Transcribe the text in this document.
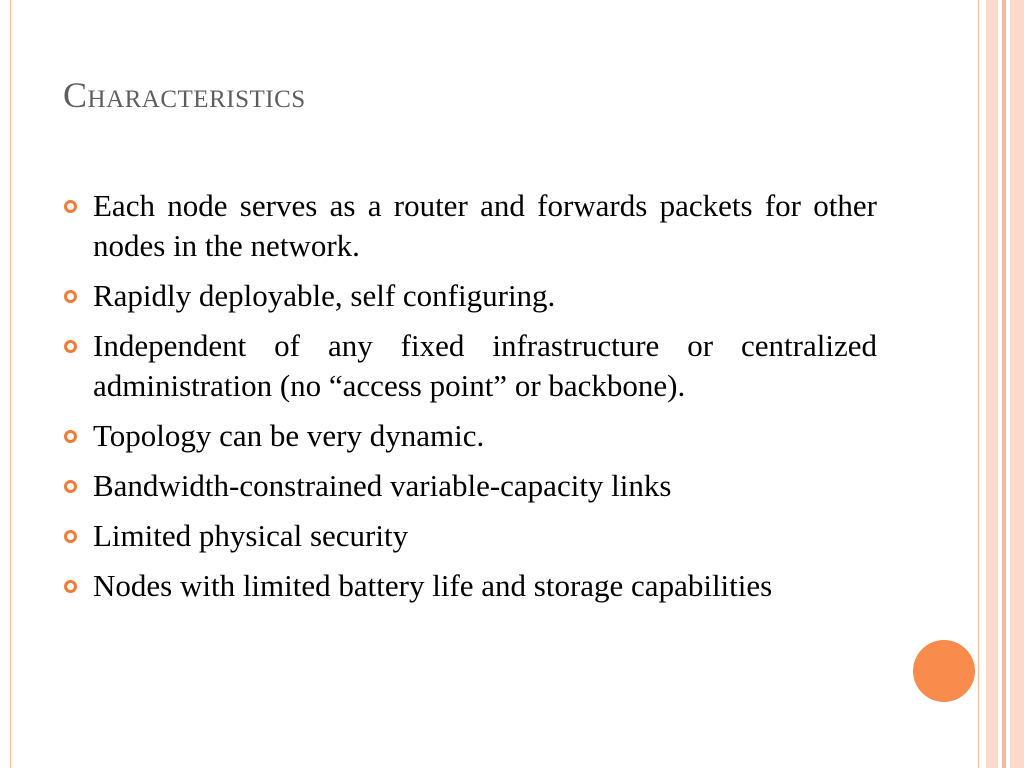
Characteristics
Each node serves as a router and forwards packets for other nodes in the network.
Rapidly deployable, self configuring.
Independent of any fixed infrastructure or centralized administration (no “access point” or backbone).
Topology can be very dynamic.
Bandwidth-constrained variable-capacity links
Limited physical security
Nodes with limited battery life and storage capabilities
